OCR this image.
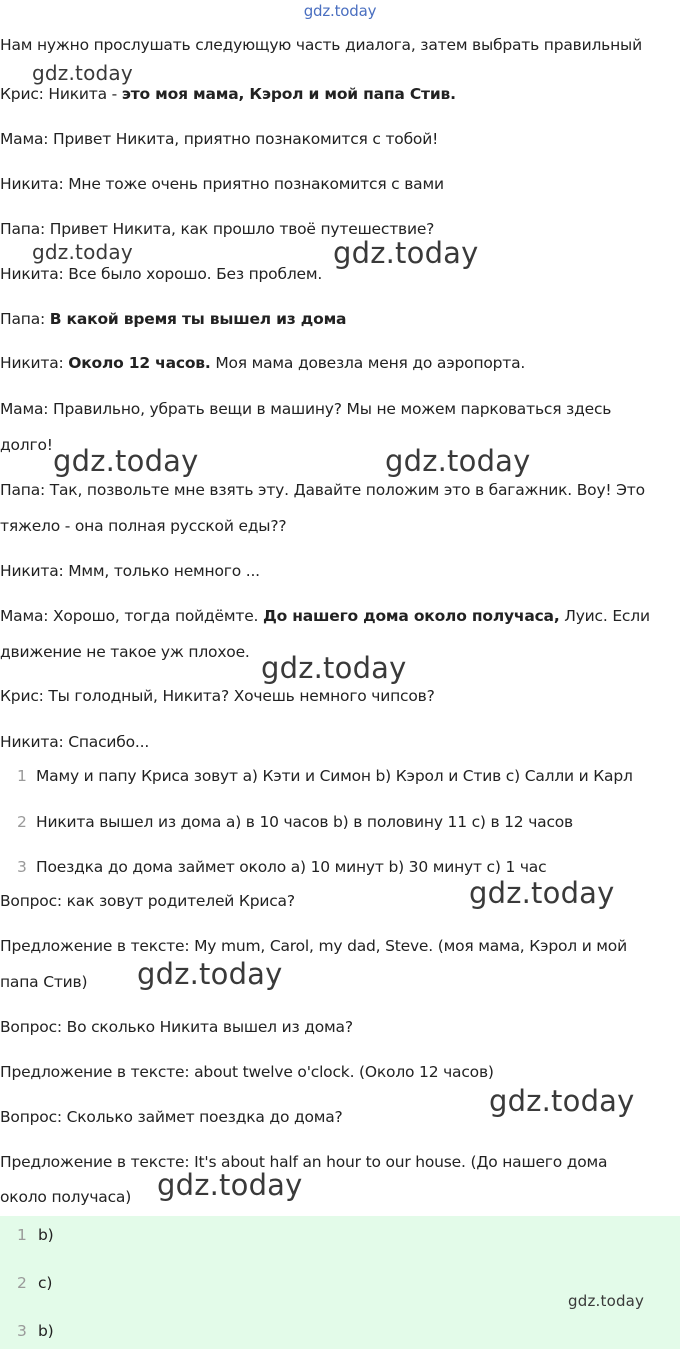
gdz.today
Нам нужно прослушать следующую часть диалога, затем выбрать правильный
Крис: Никита - это моя мама, Кэрол и мой папа Стив.
Мама: Привет Никита, приятно познакомится с тобой!
Никита: Мне тоже очень приятно познакомится с вами
Папа: Привет Никита, как прошло твоё путешествие?
Никита: Все было хорошо. Без проблем.
Папа: В какой время ты вышел из дома
Никита: Около 12 часов. Моя мама довезла меня до аэропорта.
Мама: Правильно, убрать вещи в машину? Мы не можем парковаться здесь
долго!
Папа: Так, позвольте мне взять эту. Давайте положим это в багажник. Воу! Это
тяжело - она полная русской еды??
Никита: Ммм, только немного ...
Мама: Хорошо, тогда пойдёмте. До нашего дома около получаса, Луис. Если
движение не такое уж плохое.
Крис: Ты голодный, Никита? Хочешь немного чипсов?
Никита: Спасибо...
1 Маму и папу Криса зовут a) Кэти и Симон b) Кэрол и Стив c) Салли и Карл
2 Никита вышел из дома a) в 10 часов b) в половину 11 c) в 12 часов
3 Поездка до дома займет около a) 10 минут b) 30 минут c) 1 час
Вопрос: как зовут родителей Криса?
Предложение в тексте: My mum, Carol, my dad, Steve. (моя мама, Кэрол и мой
папа Стив)
Вопрос: Во сколько Никита вышел из дома?
Предложение в тексте: about twelve o'clock. (Около 12 часов)
Вопрос: Сколько займет поездка до дома?
Предложение в тексте: It's about half an hour to our house. (До нашего дома
около получаса)
1 b)
2 c)
3 b)
gdz.today
gdz.today	gdz.today
gdz.today	gdz.today
gdz.today
gdz.today
gdz.today
gdz.today
gdz.today
gdz.today
